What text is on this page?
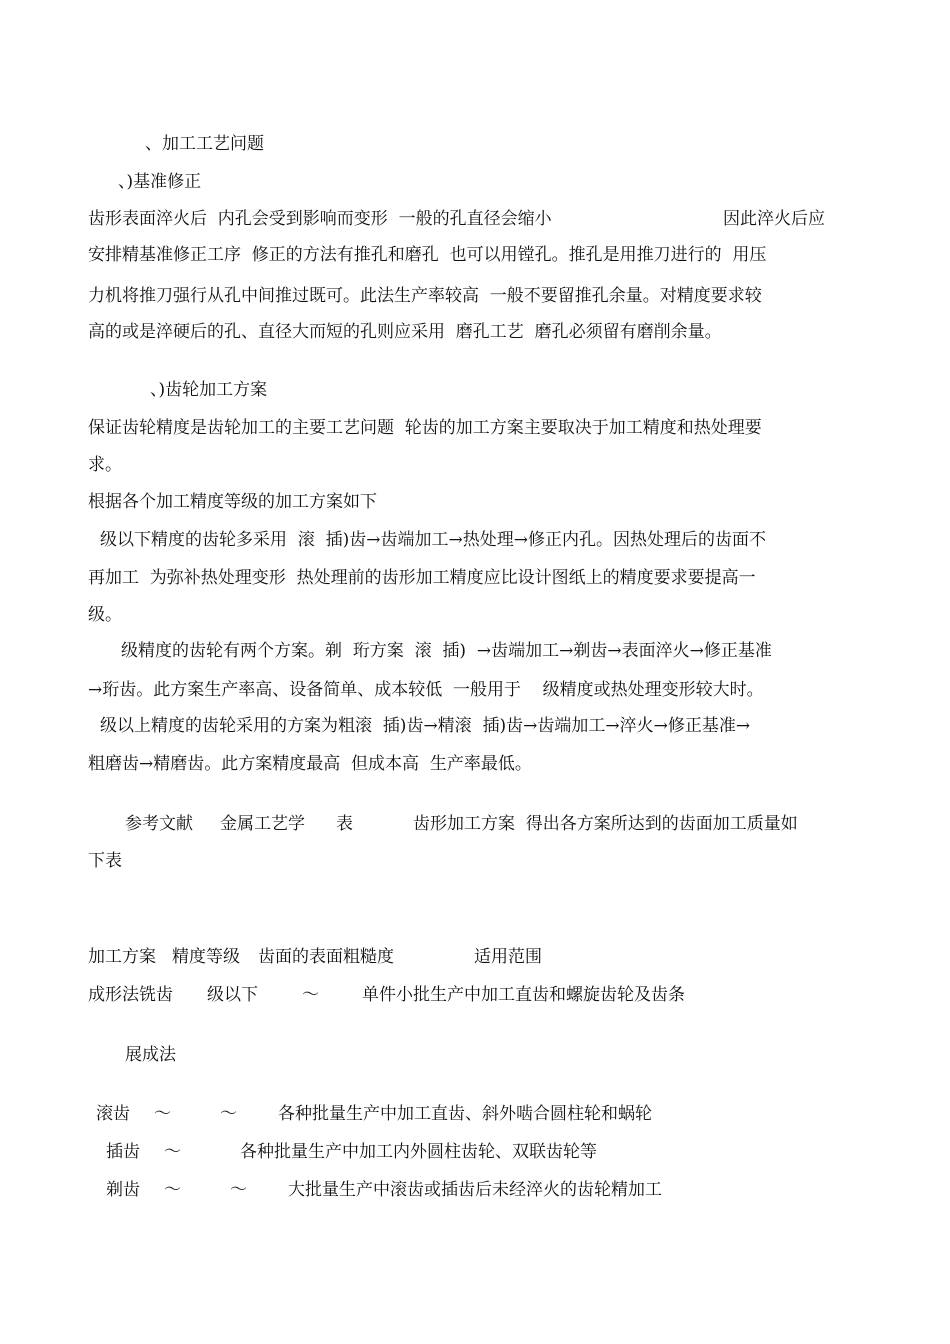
、加工工艺问题
、)基准修正
齿形表面淬火后  内孔会受到影响而变形  一般的孔直径会缩小	因此淬火后应
安排精基准修正工序  修正的方法有推孔和磨孔  也可以用镗孔。推孔是用推刀进行的  用压
力机将推刀强行从孔中间推过既可。此法生产率较高  一般不要留推孔余量。对精度要求较
高的或是淬硬后的孔、直径大而短的孔则应采用  磨孔工艺  磨孔必须留有磨削余量。
、)齿轮加工方案
保证齿轮精度是齿轮加工的主要工艺问题  轮齿的加工方案主要取决于加工精度和热处理要
求。
根据各个加工精度等级的加工方案如下
级以下精度的齿轮多采用  滚  插)齿→齿端加工→热处理→修正内孔。因热处理后的齿面不
再加工  为弥补热处理变形  热处理前的齿形加工精度应比设计图纸上的精度要求要提高一
级。
级精度的齿轮有两个方案。剃  珩方案  滚  插)  →齿端加工→剃齿→表面淬火→修正基准
→珩齿。此方案生产率高、设备简单、成本较低  一般用于    级精度或热处理变形较大时。
级以上精度的齿轮采用的方案为粗滚  插)齿→精滚  插)齿→齿端加工→淬火→修正基准→
粗磨齿→精磨齿。此方案精度最高  但成本高  生产率最低。
参考文献 金属工艺学 表	齿形加工方案  得出各方案所达到的齿面加工质量如
下表
加工方案 精度等级 齿面的表面粗糙度	适用范围
成形法铣齿 级以下	～	单件小批生产中加工直齿和螺旋齿轮及齿条
展成法
滚齿 ～	～ 各种批量生产中加工直齿、斜外啮合圆柱轮和蜗轮
插齿 ～	各种批量生产中加工内外圆柱齿轮、双联齿轮等
剃齿 ～	～ 大批量生产中滚齿或插齿后未经淬火的齿轮精加工
